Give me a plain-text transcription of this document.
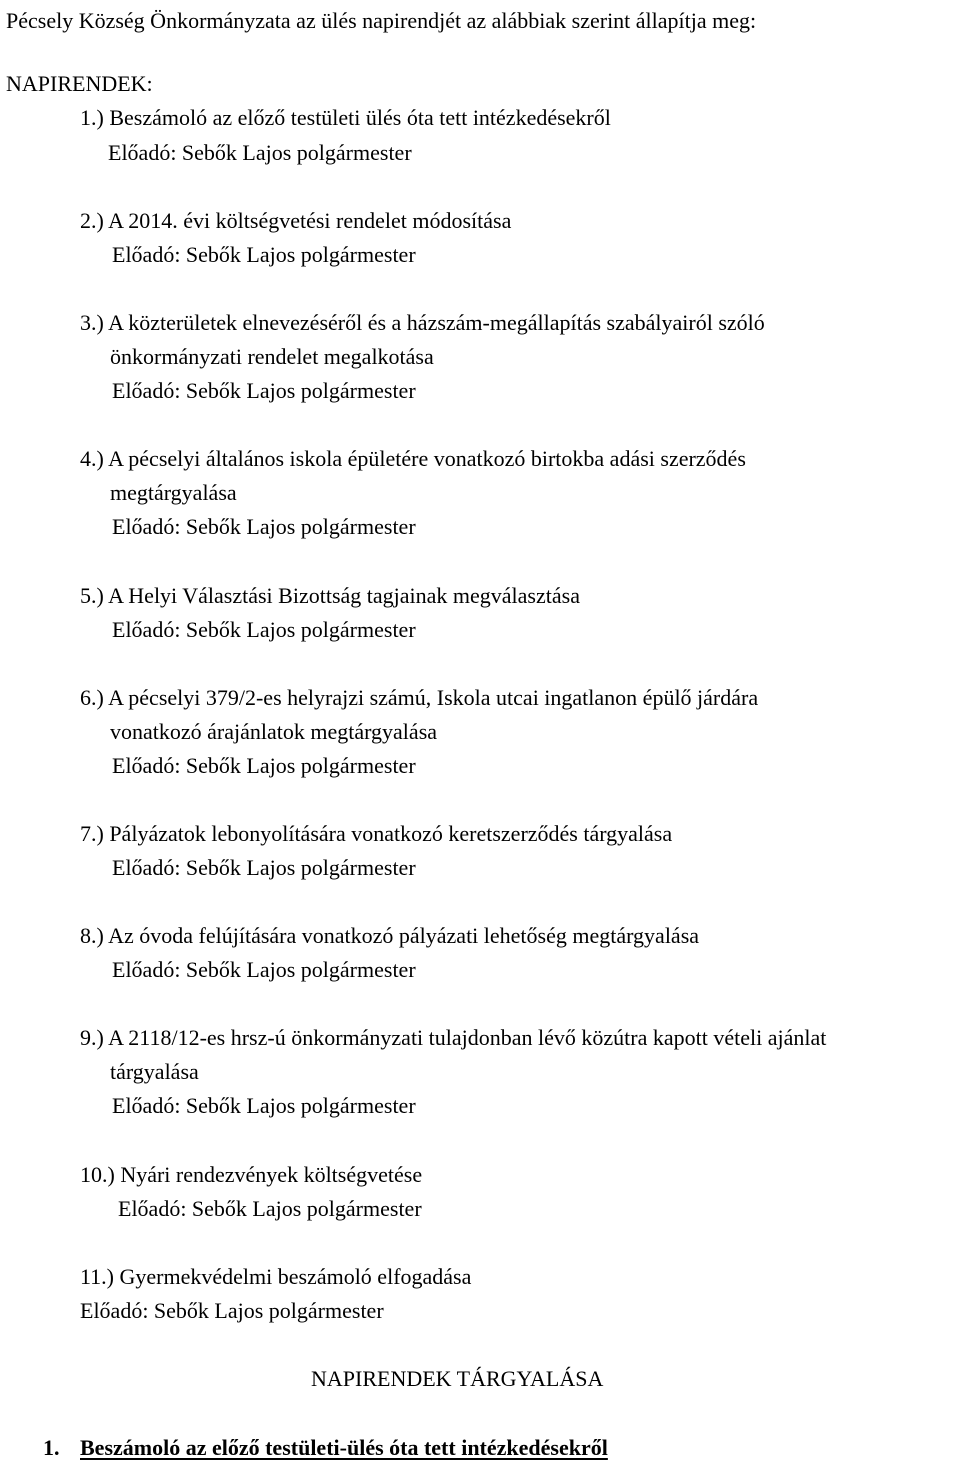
Pécsely Község Önkormányzata az ülés napirendjét az alábbiak szerint állapítja meg:
NAPIRENDEK:
1.) Beszámoló az előző testületi ülés óta tett intézkedésekről
Előadó: Sebők Lajos polgármester
2.) A 2014. évi költségvetési rendelet módosítása
Előadó: Sebők Lajos polgármester
3.) A közterületek elnevezéséről és a házszám-megállapítás szabályairól szóló
önkormányzati rendelet megalkotása
Előadó: Sebők Lajos polgármester
4.) A pécselyi általános iskola épületére vonatkozó birtokba adási szerződés
megtárgyalása
Előadó: Sebők Lajos polgármester
5.) A Helyi Választási Bizottság tagjainak megválasztása
Előadó: Sebők Lajos polgármester
6.) A pécselyi 379/2-es helyrajzi számú, Iskola utcai ingatlanon épülő járdára
vonatkozó árajánlatok megtárgyalása
Előadó: Sebők Lajos polgármester
7.) Pályázatok lebonyolítására vonatkozó keretszerződés tárgyalása
Előadó: Sebők Lajos polgármester
8.) Az óvoda felújítására vonatkozó pályázati lehetőség megtárgyalása
Előadó: Sebők Lajos polgármester
9.) A 2118/12-es hrsz-ú önkormányzati tulajdonban lévő közútra kapott vételi ajánlat
tárgyalása
Előadó: Sebők Lajos polgármester
10.) Nyári rendezvények költségvetése
Előadó: Sebők Lajos polgármester
11.) Gyermekvédelmi beszámoló elfogadása
Előadó: Sebők Lajos polgármester
NAPIRENDEK TÁRGYALÁSA
1. Beszámoló az előző testületi-ülés óta tett intézkedésekről
